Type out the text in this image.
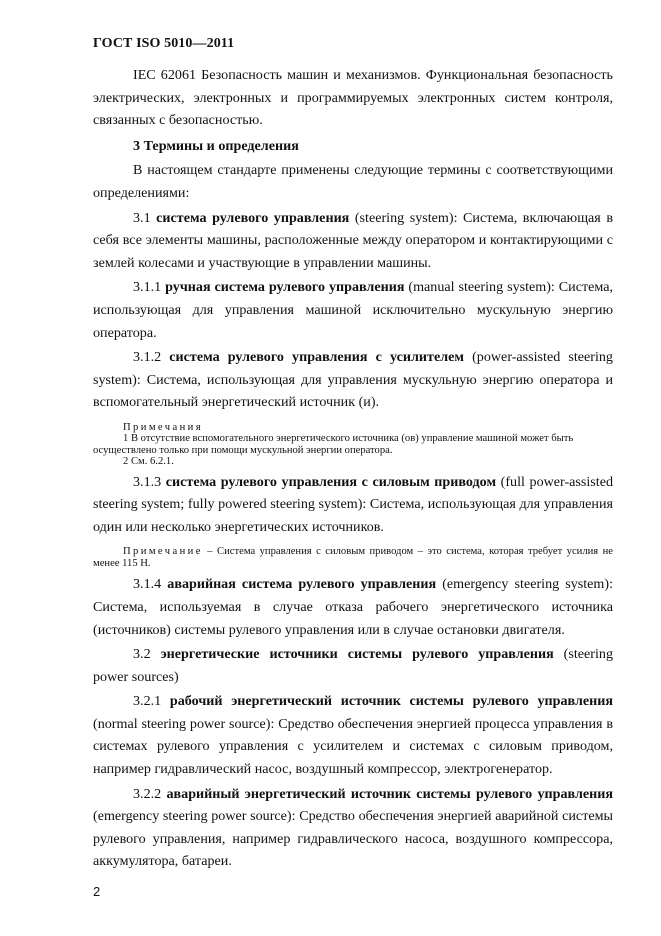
ГОСТ ISO 5010—2011

IEC 62061 Безопасность машин и механизмов. Функциональная безопасность электрических, электронных и программируемых электронных систем контроля, связанных с безопасностью.

3 Термины и определения

В настоящем стандарте применены следующие термины с соответствующими определениями:

3.1 система рулевого управления (steering system): Система, включающая в себя все элементы машины, расположенные между оператором и контактирующими с землей колесами и участвующие в управлении машины.

3.1.1 ручная система рулевого управления (manual steering system): Система, использующая для управления машиной исключительно мускульную энергию оператора.

3.1.2 система рулевого управления с усилителем (power-assisted steering system): Система, использующая для управления мускульную энергию оператора и вспомогательный энергетический источник (и).

Примечания
1 В отсутствие вспомогательного энергетического источника (ов) управление машиной может быть осуществлено только при помощи мускульной энергии оператора.
2 См. 6.2.1.

3.1.3 система рулевого управления с силовым приводом (full power-assisted steering system; fully powered steering system): Система, использующая для управления один или несколько энергетических источников.

Примечание – Система управления с силовым приводом – это система, которая требует усилия не менее 115 Н.

3.1.4 аварийная система рулевого управления (emergency steering system): Система, используемая в случае отказа рабочего энергетического источника (источников) системы рулевого управления или в случае остановки двигателя.

3.2 энергетические источники системы рулевого управления (steering power sources)

3.2.1 рабочий энергетический источник системы рулевого управления (normal steering power source): Средство обеспечения энергией процесса управления в системах рулевого управления с усилителем и системах с силовым приводом, например гидравлический насос, воздушный компрессор, электрогенератор.

3.2.2 аварийный энергетический источник системы рулевого управления (emergency steering power source): Средство обеспечения энергией аварийной системы рулевого управления, например гидравлического насоса, воздушного компрессора, аккумулятора, батареи.

2
